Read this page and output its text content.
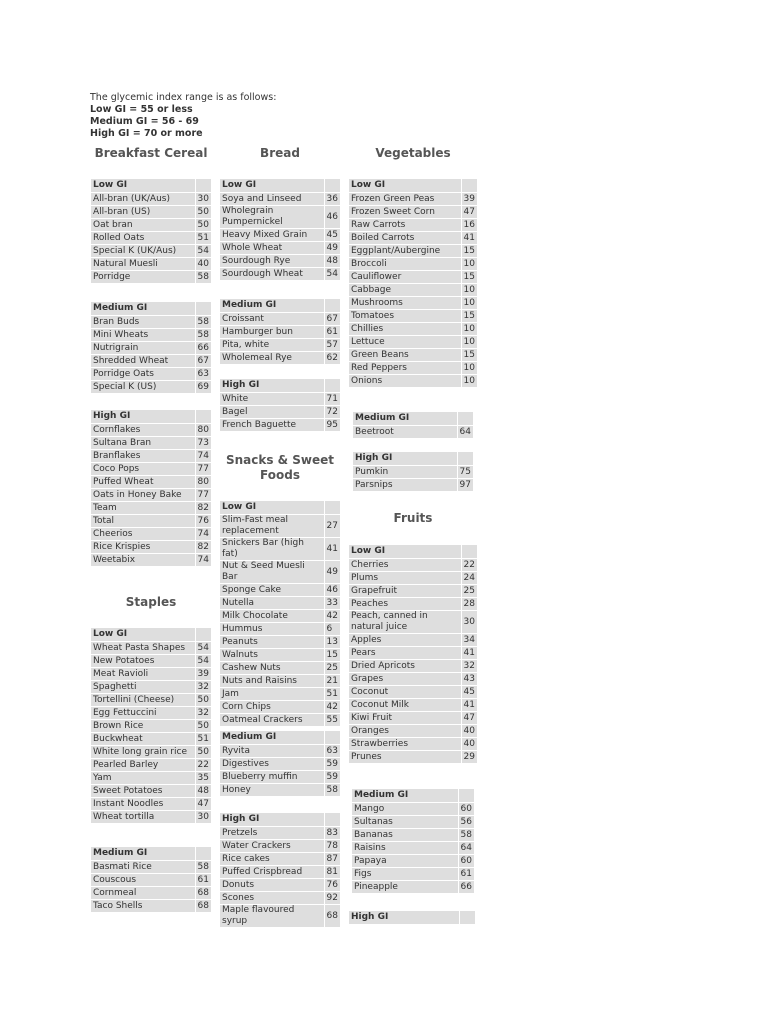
The glycemic index range is as follows:
Low GI = 55 or less
Medium GI = 56 - 69
High GI = 70 or more
Breakfast Cereal
Low GI	
All-bran (UK/Aus)	30
All-bran (US)	50
Oat bran	50
Rolled Oats	51
Special K (UK/Aus)	54
Natural Muesli	40
Porridge	58
Medium GI	
Bran Buds	58
Mini Wheats	58
Nutrigrain	66
Shredded Wheat	67
Porridge Oats	63
Special K (US)	69
High GI	
Cornflakes	80
Sultana Bran	73
Branflakes	74
Coco Pops	77
Puffed Wheat	80
Oats in Honey Bake	77
Team	82
Total	76
Cheerios	74
Rice Krispies	82
Weetabix	74
Staples
Low GI	
Wheat Pasta Shapes	54
New Potatoes	54
Meat Ravioli	39
Spaghetti	32
Tortellini (Cheese)	50
Egg Fettuccini	32
Brown Rice	50
Buckwheat	51
White long grain rice	50
Pearled Barley	22
Yam	35
Sweet Potatoes	48
Instant Noodles	47
Wheat tortilla	30
Medium GI	
Basmati Rice	58
Couscous	61
Cornmeal	68
Taco Shells	68
Bread
Low GI	
Soya and Linseed	36
Wholegrain Pumpernickel	46
Heavy Mixed Grain	45
Whole Wheat	49
Sourdough Rye	48
Sourdough Wheat	54
Medium GI	
Croissant	67
Hamburger bun	61
Pita, white	57
Wholemeal Rye	62
High GI	
White	71
Bagel	72
French Baguette	95
Snacks & Sweet Foods
Low GI	
Slim-Fast meal replacement	27
Snickers Bar (high fat)	41
Nut & Seed Muesli Bar	49
Sponge Cake	46
Nutella	33
Milk Chocolate	42
Hummus	6
Peanuts	13
Walnuts	15
Cashew Nuts	25
Nuts and Raisins	21
Jam	51
Corn Chips	42
Oatmeal Crackers	55
Medium GI	
Ryvita	63
Digestives	59
Blueberry muffin	59
Honey	58
High GI	
Pretzels	83
Water Crackers	78
Rice cakes	87
Puffed Crispbread	81
Donuts	76
Scones	92
Maple flavoured syrup	68
Vegetables
Low GI	
Frozen Green Peas	39
Frozen Sweet Corn	47
Raw Carrots	16
Boiled Carrots	41
Eggplant/Aubergine	15
Broccoli	10
Cauliflower	15
Cabbage	10
Mushrooms	10
Tomatoes	15
Chillies	10
Lettuce	10
Green Beans	15
Red Peppers	10
Onions	10
Medium GI	
Beetroot	64
High GI	
Pumkin	75
Parsnips	97
Fruits
Low GI	
Cherries	22
Plums	24
Grapefruit	25
Peaches	28
Peach, canned in natural juice	30
Apples	34
Pears	41
Dried Apricots	32
Grapes	43
Coconut	45
Coconut Milk	41
Kiwi Fruit	47
Oranges	40
Strawberries	40
Prunes	29
Medium GI	
Mango	60
Sultanas	56
Bananas	58
Raisins	64
Papaya	60
Figs	61
Pineapple	66
High GI	
